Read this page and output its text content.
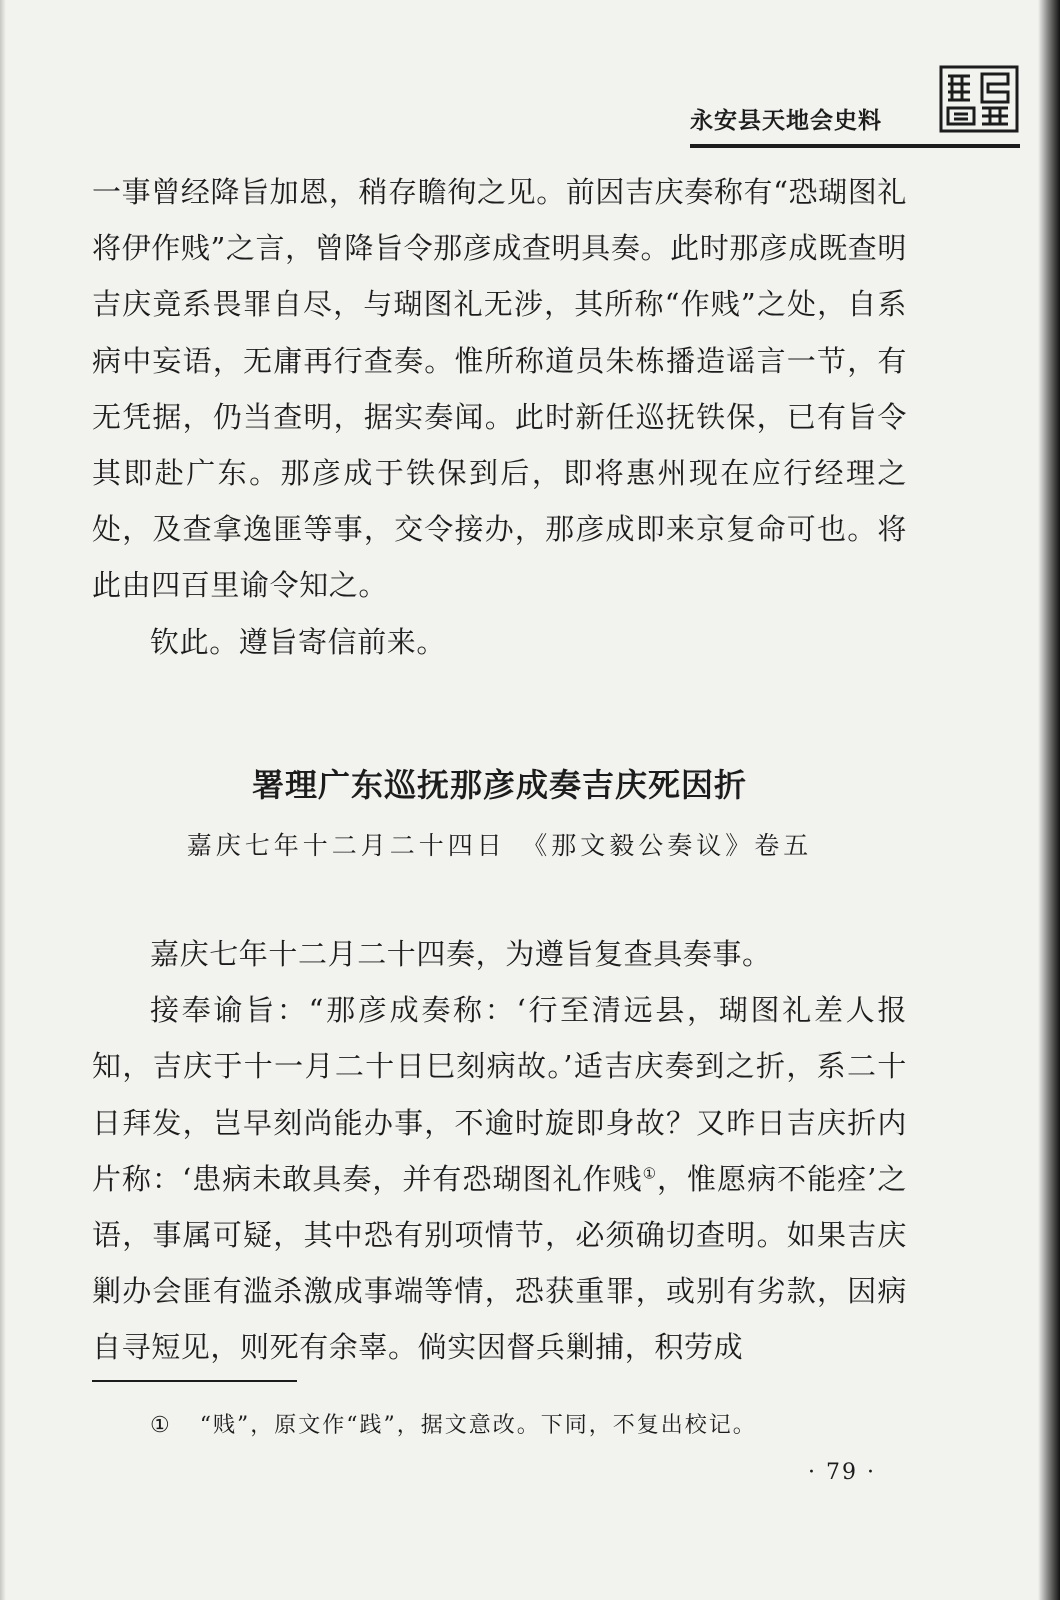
永安县天地会史料

一事曾经降旨加恩，稍存瞻徇之见。前因吉庆奏称有“恐瑚图礼将伊作贱”之言，曾降旨令那彦成查明具奏。此时那彦成既查明吉庆竟系畏罪自尽，与瑚图礼无涉，其所称“作贱”之处，自系病中妄语，无庸再行查奏。惟所称道员朱栋播造谣言一节，有无凭据，仍当查明，据实奏闻。此时新任巡抚铁保，已有旨令其即赴广东。那彦成于铁保到后，即将惠州现在应行经理之处，及查拿逸匪等事，交令接办，那彦成即来京复命可也。将此由四百里谕令知之。

钦此。遵旨寄信前来。

署理广东巡抚那彦成奏吉庆死因折

嘉庆七年十二月二十四日　《那文毅公奏议》卷五

嘉庆七年十二月二十四奏，为遵旨复查具奏事。

接奉谕旨：“那彦成奏称：‘行至清远县，瑚图礼差人报知，吉庆于十一月二十日巳刻病故。’适吉庆奏到之折，系二十日拜发，岂早刻尚能办事，不逾时旋即身故？又昨日吉庆折内片称：‘患病未敢具奏，并有恐瑚图礼作贱①，惟愿病不能痊’之语，事属可疑，其中恐有别项情节，必须确切查明。如果吉庆剿办会匪有滥杀激成事端等情，恐获重罪，或别有劣款，因病自寻短见，则死有余辜。倘实因督兵剿捕，积劳成

① “贱”，原文作“践”，据文意改。下同，不复出校记。
· 79 ·
